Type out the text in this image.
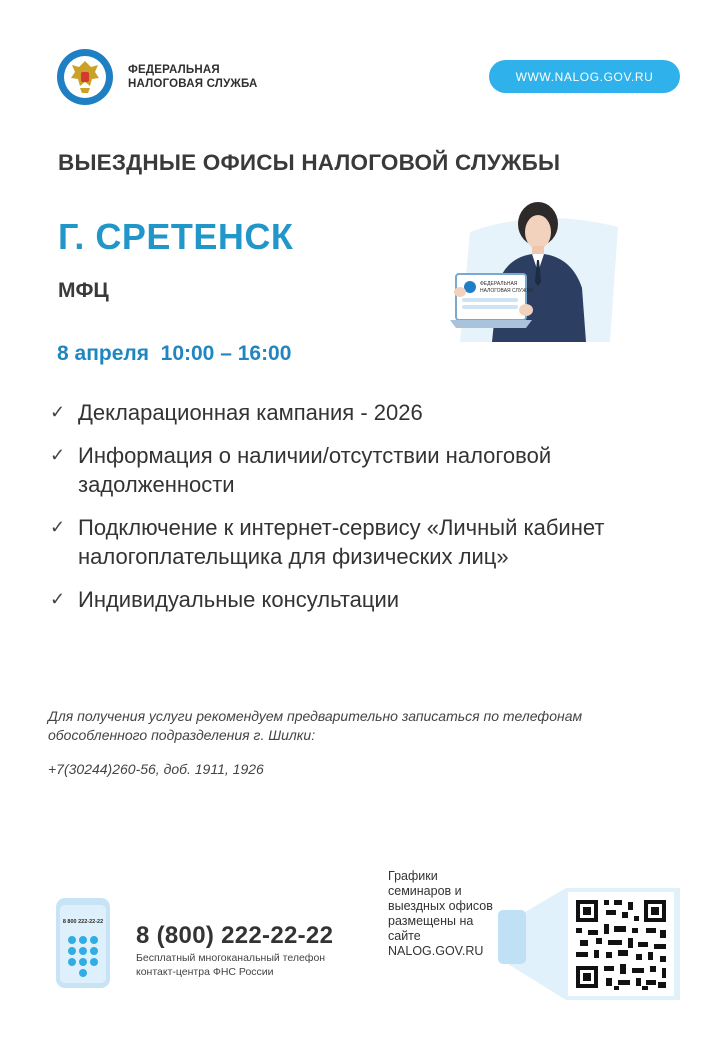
ФЕДЕРАЛЬНАЯ
НАЛОГОВАЯ СЛУЖБА
WWW.NALOG.GOV.RU
ВЫЕЗДНЫЕ ОФИСЫ НАЛОГОВОЙ СЛУЖБЫ
Г. СРЕТЕНСК
МФЦ
8 апреля  10:00 – 16:00
ФЕДЕРАЛЬНАЯ
НАЛОГОВАЯ СЛУЖБА
✓ Декларационная кампания - 2026
✓ Информация о наличии/отсутствии налоговой задолженности
✓ Подключение к интернет-сервису «Личный кабинет налогоплательщика для физических лиц»
✓ Индивидуальные консультации
Для получения услуги рекомендуем предварительно записаться по телефонам обособленного подразделения г. Шилки:
+7(30244)260-56, доб. 1911, 1926
8 800 222-22-22 8 (800) 222-22-22
Бесплатный многоканальный телефон
контакт-центра ФНС России
Графики семинаров и выездных офисов размещены на сайте NALOG.GOV.RU
